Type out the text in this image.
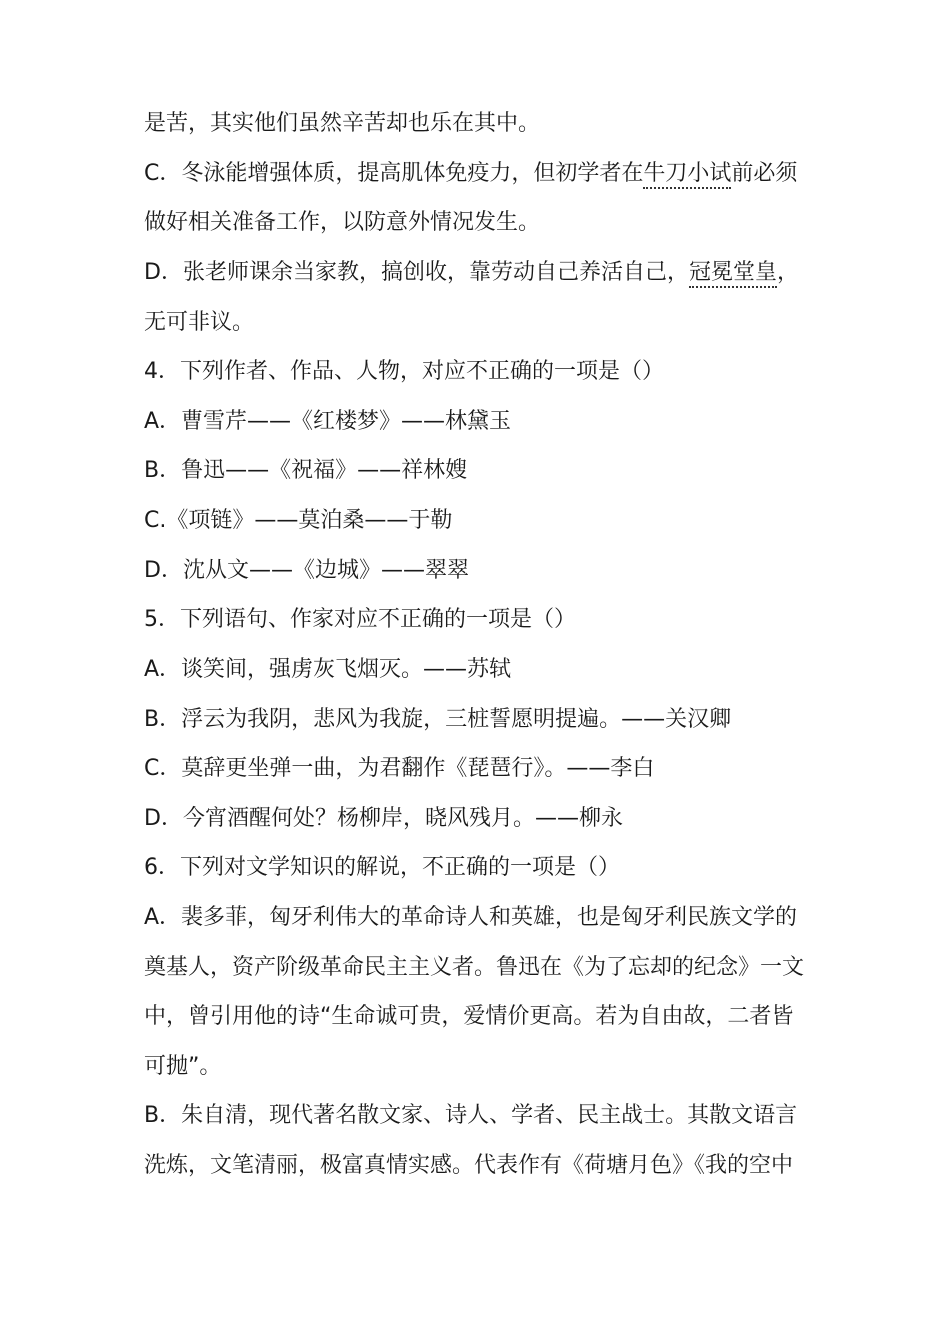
是苦，其实他们虽然辛苦却也乐在其中。
C．冬泳能增强体质，提高肌体免疫力，但初学者在牛刀小试前必须
做好相关准备工作，以防意外情况发生。
D．张老师课余当家教，搞创收，靠劳动自己养活自己，冠冕堂皇，
无可非议。
4．下列作者、作品、人物，对应不正确的一项是（）
A．曹雪芹——《红楼梦》——林黛玉
B．鲁迅——《祝福》——祥林嫂
C.《项链》——莫泊桑——于勒
D．沈从文——《边城》——翠翠
5．下列语句、作家对应不正确的一项是（）
A．谈笑间，强虏灰飞烟灭。——苏轼
B．浮云为我阴，悲风为我旋，三桩誓愿明提遍。——关汉卿
C．莫辞更坐弹一曲，为君翻作《琵琶行》。——李白
D．今宵酒醒何处？杨柳岸，晓风残月。——柳永
6．下列对文学知识的解说，不正确的一项是（）
A．裴多菲，匈牙利伟大的革命诗人和英雄，也是匈牙利民族文学的
奠基人，资产阶级革命民主主义者。鲁迅在《为了忘却的纪念》一文
中，曾引用他的诗“生命诚可贵，爱情价更高。若为自由故，二者皆
可抛”。
B．朱自清，现代著名散文家、诗人、学者、民主战士。其散文语言
洗炼，文笔清丽，极富真情实感。代表作有《荷塘月色》《我的空中
